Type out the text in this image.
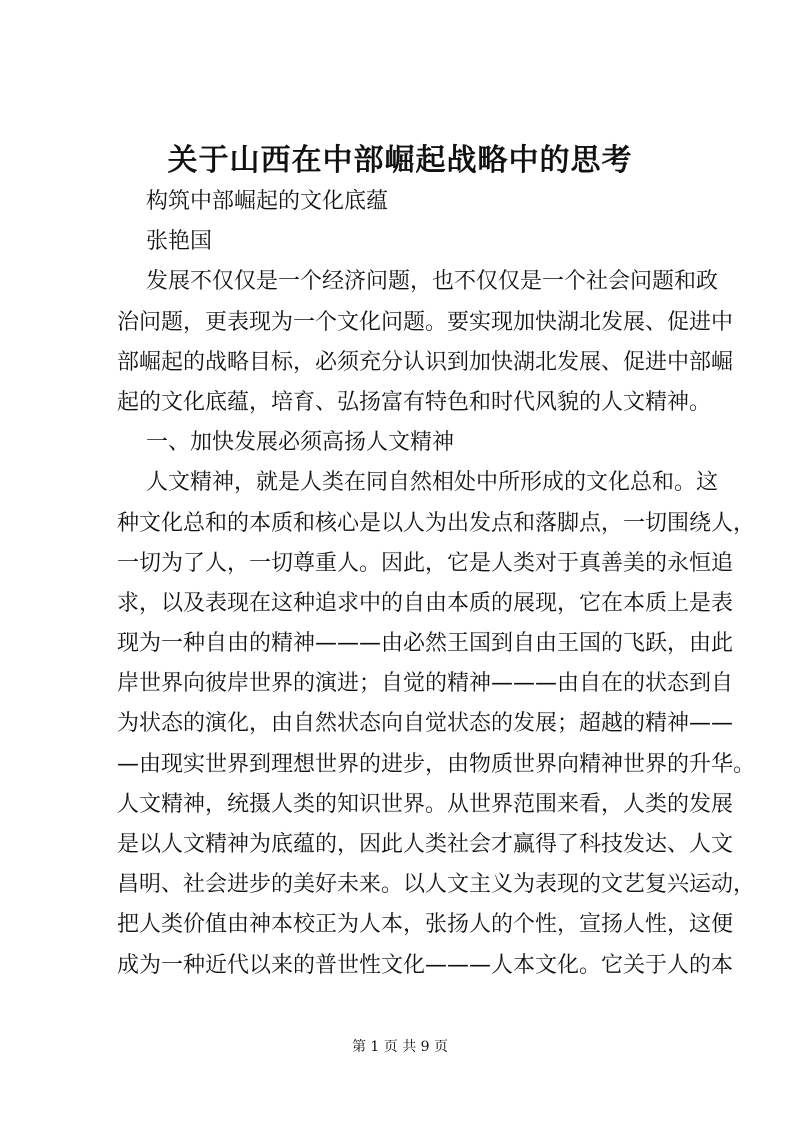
关于山西在中部崛起战略中的思考
构筑中部崛起的文化底蕴
张艳国
发展不仅仅是一个经济问题，也不仅仅是一个社会问题和政
治问题，更表现为一个文化问题。要实现加快湖北发展、促进中
部崛起的战略目标，必须充分认识到加快湖北发展、促进中部崛
起的文化底蕴，培育、弘扬富有特色和时代风貌的人文精神。
一、加快发展必须高扬人文精神
人文精神，就是人类在同自然相处中所形成的文化总和。这
种文化总和的本质和核心是以人为出发点和落脚点，一切围绕人，
一切为了人，一切尊重人。因此，它是人类对于真善美的永恒追
求，以及表现在这种追求中的自由本质的展现，它在本质上是表
现为一种自由的精神———由必然王国到自由王国的飞跃，由此
岸世界向彼岸世界的演进；自觉的精神———由自在的状态到自
为状态的演化，由自然状态向自觉状态的发展；超越的精神——
—由现实世界到理想世界的进步，由物质世界向精神世界的升华。
人文精神，统摄人类的知识世界。从世界范围来看，人类的发展
是以人文精神为底蕴的，因此人类社会才赢得了科技发达、人文
昌明、社会进步的美好未来。以人文主义为表现的文艺复兴运动，
把人类价值由神本校正为人本，张扬人的个性，宣扬人性，这便
成为一种近代以来的普世性文化———人本文化。它关于人的本
第 1 页 共 9 页
